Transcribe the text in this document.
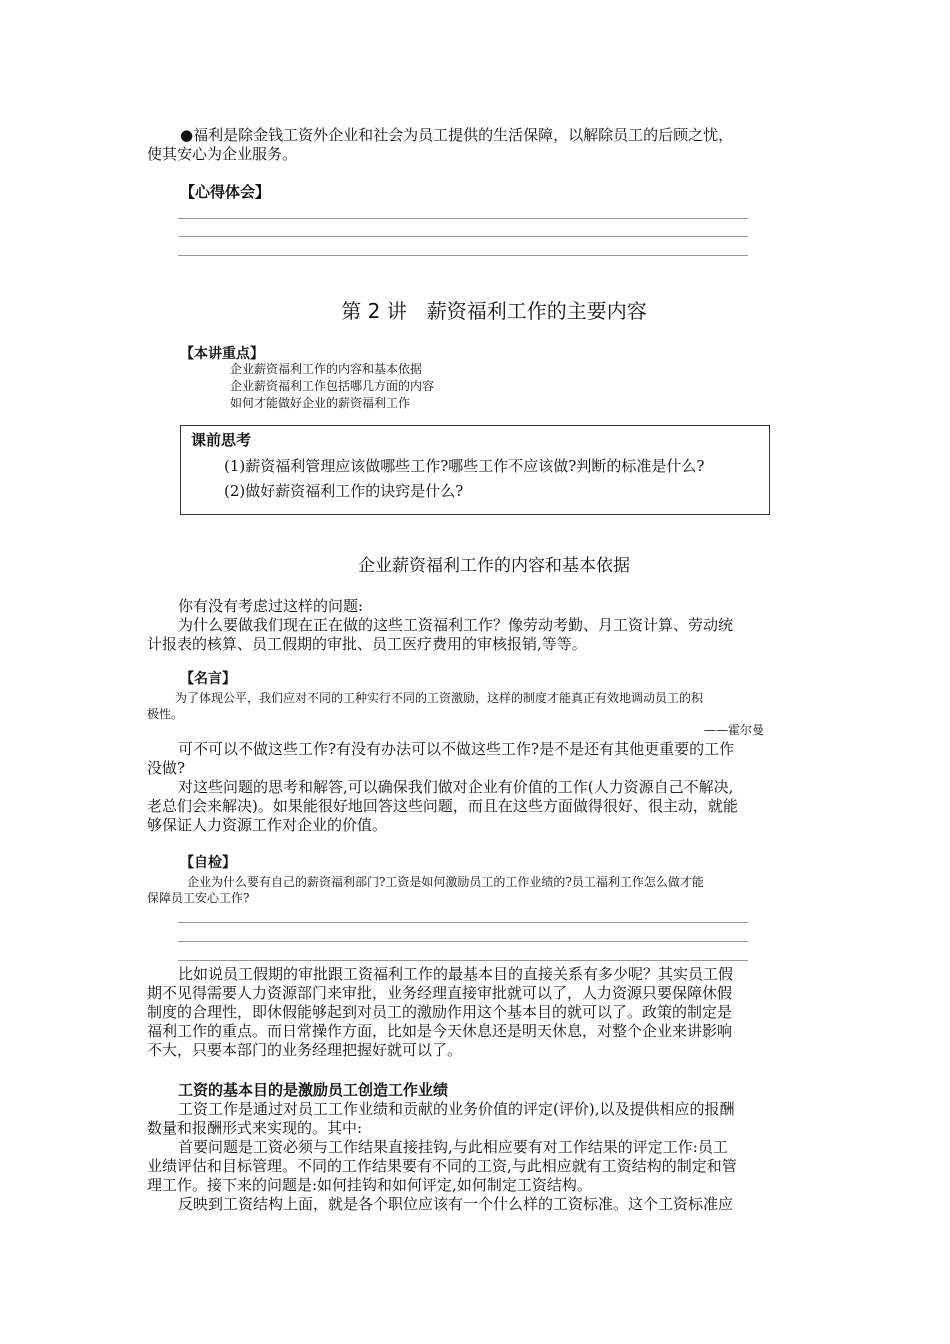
●福利是除金钱工资外企业和社会为员工提供的生活保障，以解除员工的后顾之忧，
使其安心为企业服务。
【心得体会】
第 2 讲　薪资福利工作的主要内容
【本讲重点】
企业薪资福利工作的内容和基本依据
企业薪资福利工作包括哪几方面的内容
如何才能做好企业的薪资福利工作
课前思考
(1)薪资福利管理应该做哪些工作?哪些工作不应该做?判断的标准是什么?
(2)做好薪资福利工作的诀窍是什么?
企业薪资福利工作的内容和基本依据
你有没有考虑过这样的问题:
为什么要做我们现在正在做的这些工资福利工作？像劳动考勤、月工资计算、劳动统
计报表的核算、员工假期的审批、员工医疗费用的审核报销,等等。
【名言】
为了体现公平，我们应对不同的工种实行不同的工资激励，这样的制度才能真正有效地调动员工的积
极性。
——霍尔曼
可不可以不做这些工作?有没有办法可以不做这些工作?是不是还有其他更重要的工作
没做?
对这些问题的思考和解答,可以确保我们做对企业有价值的工作(人力资源自己不解决,
老总们会来解决)。如果能很好地回答这些问题，而且在这些方面做得很好、很主动，就能
够保证人力资源工作对企业的价值。
【自检】
企业为什么要有自己的薪资福利部门?工资是如何激励员工的工作业绩的?员工福利工作怎么做才能
保障员工安心工作?
比如说员工假期的审批跟工资福利工作的最基本目的直接关系有多少呢？其实员工假
期不见得需要人力资源部门来审批，业务经理直接审批就可以了，人力资源只要保障休假
制度的合理性，即休假能够起到对员工的激励作用这个基本目的就可以了。政策的制定是
福利工作的重点。而日常操作方面，比如是今天休息还是明天休息，对整个企业来讲影响
不大，只要本部门的业务经理把握好就可以了。
工资的基本目的是激励员工创造工作业绩
工资工作是通过对员工工作业绩和贡献的业务价值的评定(评价),以及提供相应的报酬
数量和报酬形式来实现的。其中:
首要问题是工资必须与工作结果直接挂钩,与此相应要有对工作结果的评定工作:员工
业绩评估和目标管理。不同的工作结果要有不同的工资,与此相应就有工资结构的制定和管
理工作。接下来的问题是:如何挂钩和如何评定,如何制定工资结构。
反映到工资结构上面，就是各个职位应该有一个什么样的工资标准。这个工资标准应
